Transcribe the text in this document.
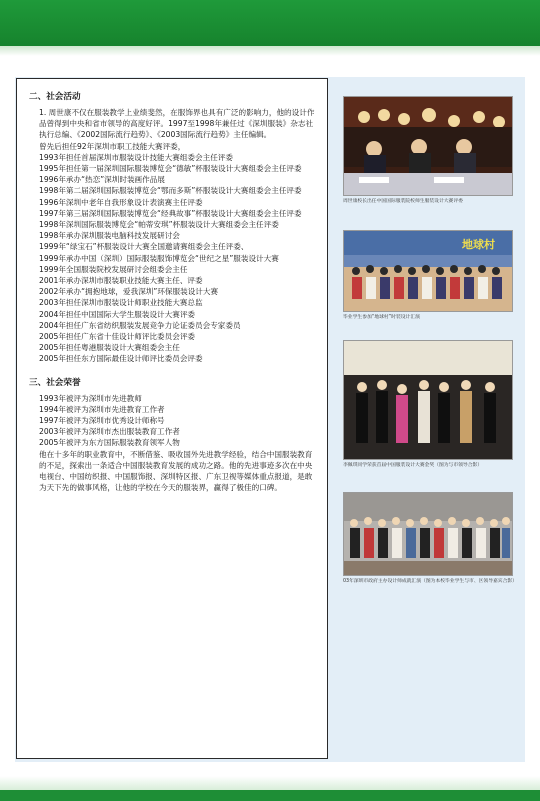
二、社会活动

1. 周世康不仅在服装教学上业绩斐然，在服饰界也具有广泛的影响力，他的设计作品曾得到中央和省市领导的高度好评。1997至1998年兼任过《深圳服装》杂志社执行总编、《2002国际流行趋势》、《2003国际流行趋势》主任编辑。

曾先后担任92年深圳市职工技能大赛评委，

1993年担任首届深圳市服装设计技能大赛组委会主任评委

1995年担任第一届深圳国际服装博览会“德敏”杯服装设计大赛组委会主任评委

1996年承办“热恋”深圳时装画作品展

1998年第二届深圳国际服装博览会“鄂而多斯”杯服装设计大赛组委会主任评委

1996年深圳中老年自我形象设计表演赛主任评委

1997年第三届深圳国际服装博览会“经典故事”杯服装设计大赛组委会主任评委

1998年深圳国际服装博览会“帕蒂安琪”杯服装设计大赛组委会主任评委

1998年承办深圳服装电脑科技发展研讨会

1999年“绿宝石”杯服装设计大赛全国邀请赛组委会主任评委、

1999年承办中国（深圳）国际服装服饰博览会“世纪之星”服装设计大赛

1999年全国服装院校发展研讨会组委会主任

2001年承办深圳市服装职业技能大赛主任、评委

2002年承办“拥抱地球，爱我深圳”环保服装设计大赛

2003年担任深圳市服装设计师职业技能大赛总监

2004年担任中国国际大学生服装设计大赛评委

2004年担任广东省纺织服装发展竞争力论证委员会专家委员

2005年担任广东省十佳设计师评比委员会评委

2005年担任粤港服装设计大赛组委会主任

2005年担任东方国际最佳设计师评比委员会评委

三、社会荣誉

1993年被评为深圳市先进教师

1994年被评为深圳市先进教育工作者

1997年被评为深圳市优秀设计师称号

2003年被评为深圳市杰出服装教育工作者

2005年被评为东方国际服装教育领军人物

他在十多年的职业教育中，不断借鉴、吸收国外先进教学经验，结合中国服装教育的不足，探索出一条适合中国服装教育发展的成功之路。他的先进事迹多次在中央电视台、中国纺织报、中国服饰报、深圳特区报、广东卫视等媒体重点报道，是敢为天下先的做事风格，让他的学校在今天的服装界，赢得了极佳的口碑。

周世康校长出任中国国际服装院校师生服装设计大赛评委
地球村
毕业学生参加“地球村”时装设计汇演
李佩琪同学荣获首届中国服装设计大赛金奖（图为与市领导合影）
03年深圳市政府主办设计师成就汇演（图为本校毕业学生与市、区领导嘉宾合影）
